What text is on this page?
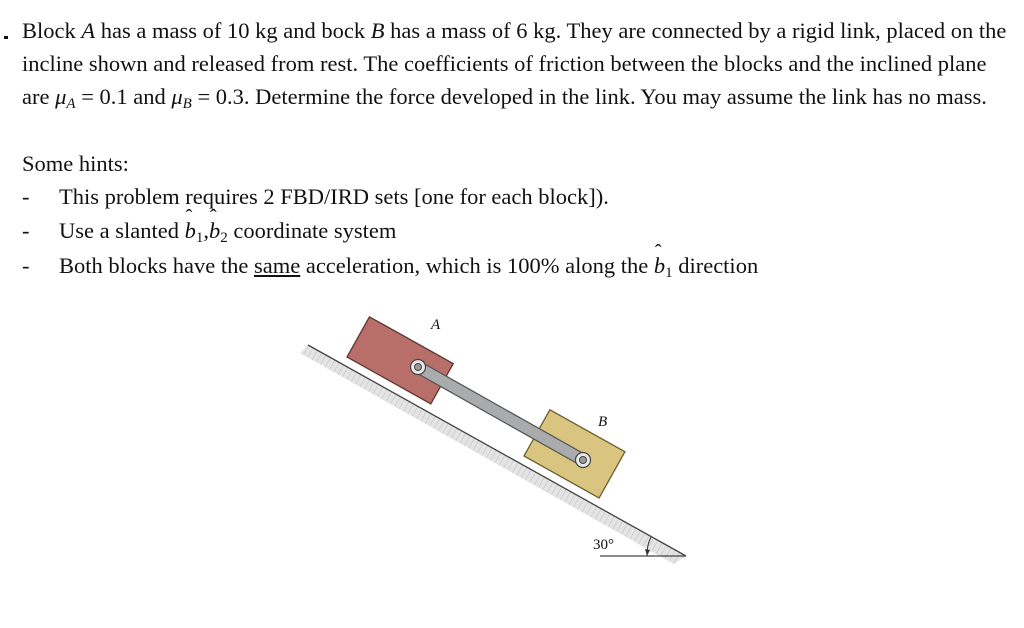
Block A has a mass of 10 kg and bock B has a mass of 6 kg. They are connected by a rigid link, placed on the incline shown and released from rest. The coefficients of friction between the blocks and the inclined plane are $\mu_A = 0.1$ and $\mu_B = 0.3$. Determine the force developed in the link. You may assume the link has no mass.

Some hints:

- This problem requires 2 FBD/IRD sets [one for each block]).
- Use a slanted ˆ $b_1,ˆ$ $b_2$ coordinate system
- Both blocks have the same acceleration, which is 100% along the ˆ $b_1$ direction
A
B
30°
